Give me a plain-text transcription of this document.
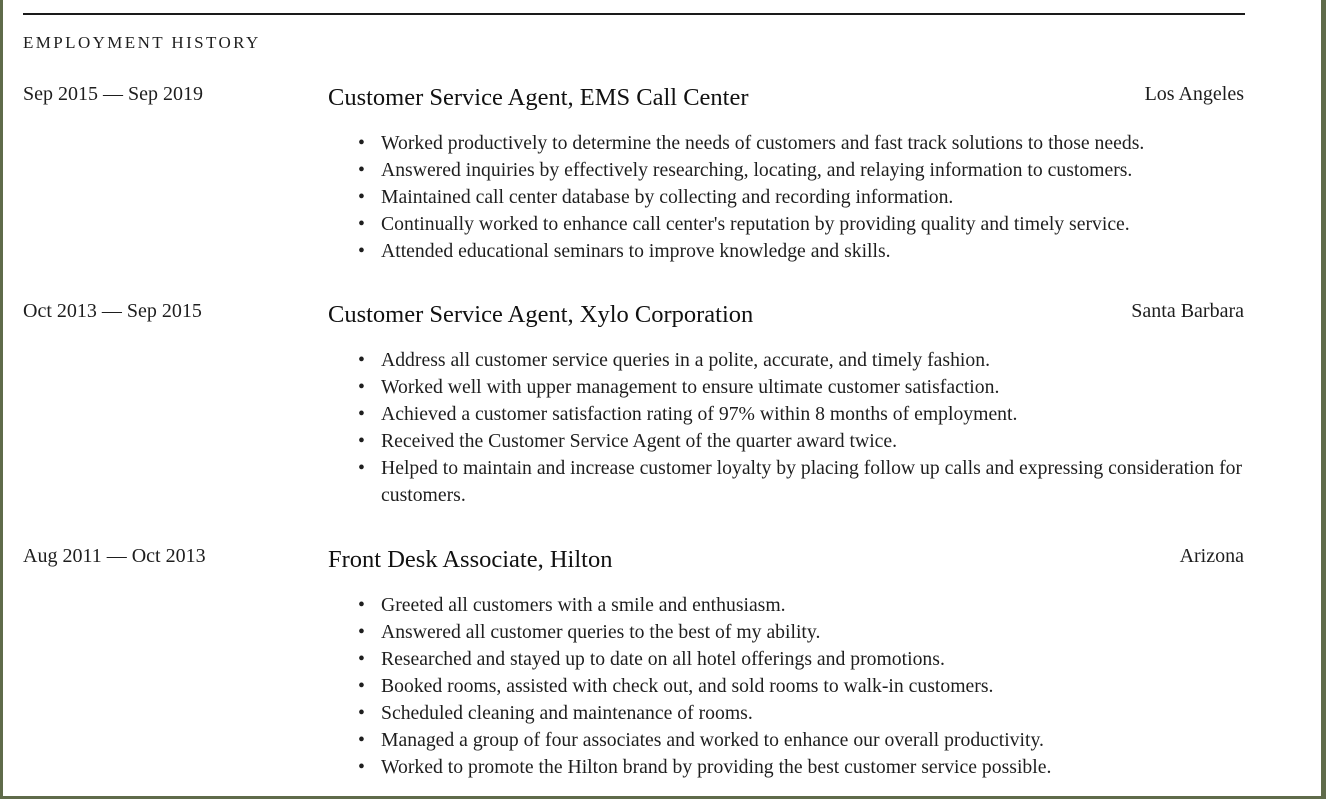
EMPLOYMENT HISTORY
Sep 2015 — Sep 2019	Customer Service Agent, EMS Call Center	Los Angeles
• Worked productively to determine the needs of customers and fast track solutions to those needs.
• Answered inquiries by effectively researching, locating, and relaying information to customers.
• Maintained call center database by collecting and recording information.
• Continually worked to enhance call center's reputation by providing quality and timely service.
• Attended educational seminars to improve knowledge and skills.
Oct 2013 — Sep 2015	Customer Service Agent, Xylo Corporation	Santa Barbara
• Address all customer service queries in a polite, accurate, and timely fashion.
• Worked well with upper management to ensure ultimate customer satisfaction.
• Achieved a customer satisfaction rating of 97% within 8 months of employment.
• Received the Customer Service Agent of the quarter award twice.
• Helped to maintain and increase customer loyalty by placing follow up calls and expressing consideration for customers.
Aug 2011 — Oct 2013	Front Desk Associate, Hilton	Arizona
• Greeted all customers with a smile and enthusiasm.
• Answered all customer queries to the best of my ability.
• Researched and stayed up to date on all hotel offerings and promotions.
• Booked rooms, assisted with check out, and sold rooms to walk-in customers.
• Scheduled cleaning and maintenance of rooms.
• Managed a group of four associates and worked to enhance our overall productivity.
• Worked to promote the Hilton brand by providing the best customer service possible.
